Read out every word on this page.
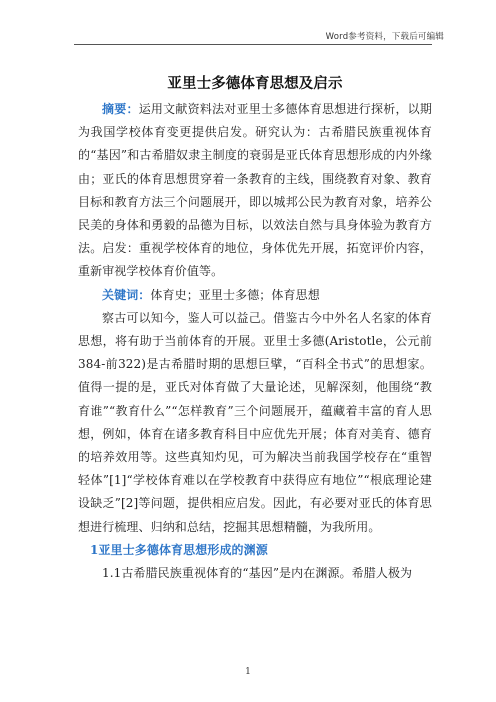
Word参考资料，下载后可编辑
亚里士多德体育思想及启示

摘要：运用文献资料法对亚里士多德体育思想进行探析，以期为我国学校体育变更提供启发。研究认为：古希腊民族重视体育的“基因”和古希腊奴隶主制度的衰弱是亚氏体育思想形成的内外缘由；亚氏的体育思想贯穿着一条教育的主线，围绕教育对象、教育目标和教育方法三个问题展开，即以城邦公民为教育对象，培养公民美的身体和勇毅的品德为目标，以效法自然与具身体验为教育方法。启发：重视学校体育的地位，身体优先开展，拓宽评价内容，重新审视学校体育价值等。

关键词：体育史；亚里士多德；体育思想

察古可以知今，鉴人可以益己。借鉴古今中外名人名家的体育思想，将有助于当前体育的开展。亚里士多德(Aristotle，公元前384-前322)是古希腊时期的思想巨擘，“百科全书式”的思想家。值得一提的是，亚氏对体育做了大量论述，见解深刻，他围绕“教育谁”“教育什么”“怎样教育”三个问题展开，蕴藏着丰富的育人思想，例如，体育在诸多教育科目中应优先开展；体育对美育、德育的培养效用等。这些真知灼见，可为解决当前我国学校存在“重智轻体”[1]“学校体育难以在学校教育中获得应有地位”“根底理论建设缺乏”[2]等问题，提供相应启发。因此，有必要对亚氏的体育思想进行梳理、归纳和总结，挖掘其思想精髓，为我所用。

1亚里士多德体育思想形成的渊源

1.1古希腊民族重视体育的“基因”是内在渊源。希腊人极为

1
